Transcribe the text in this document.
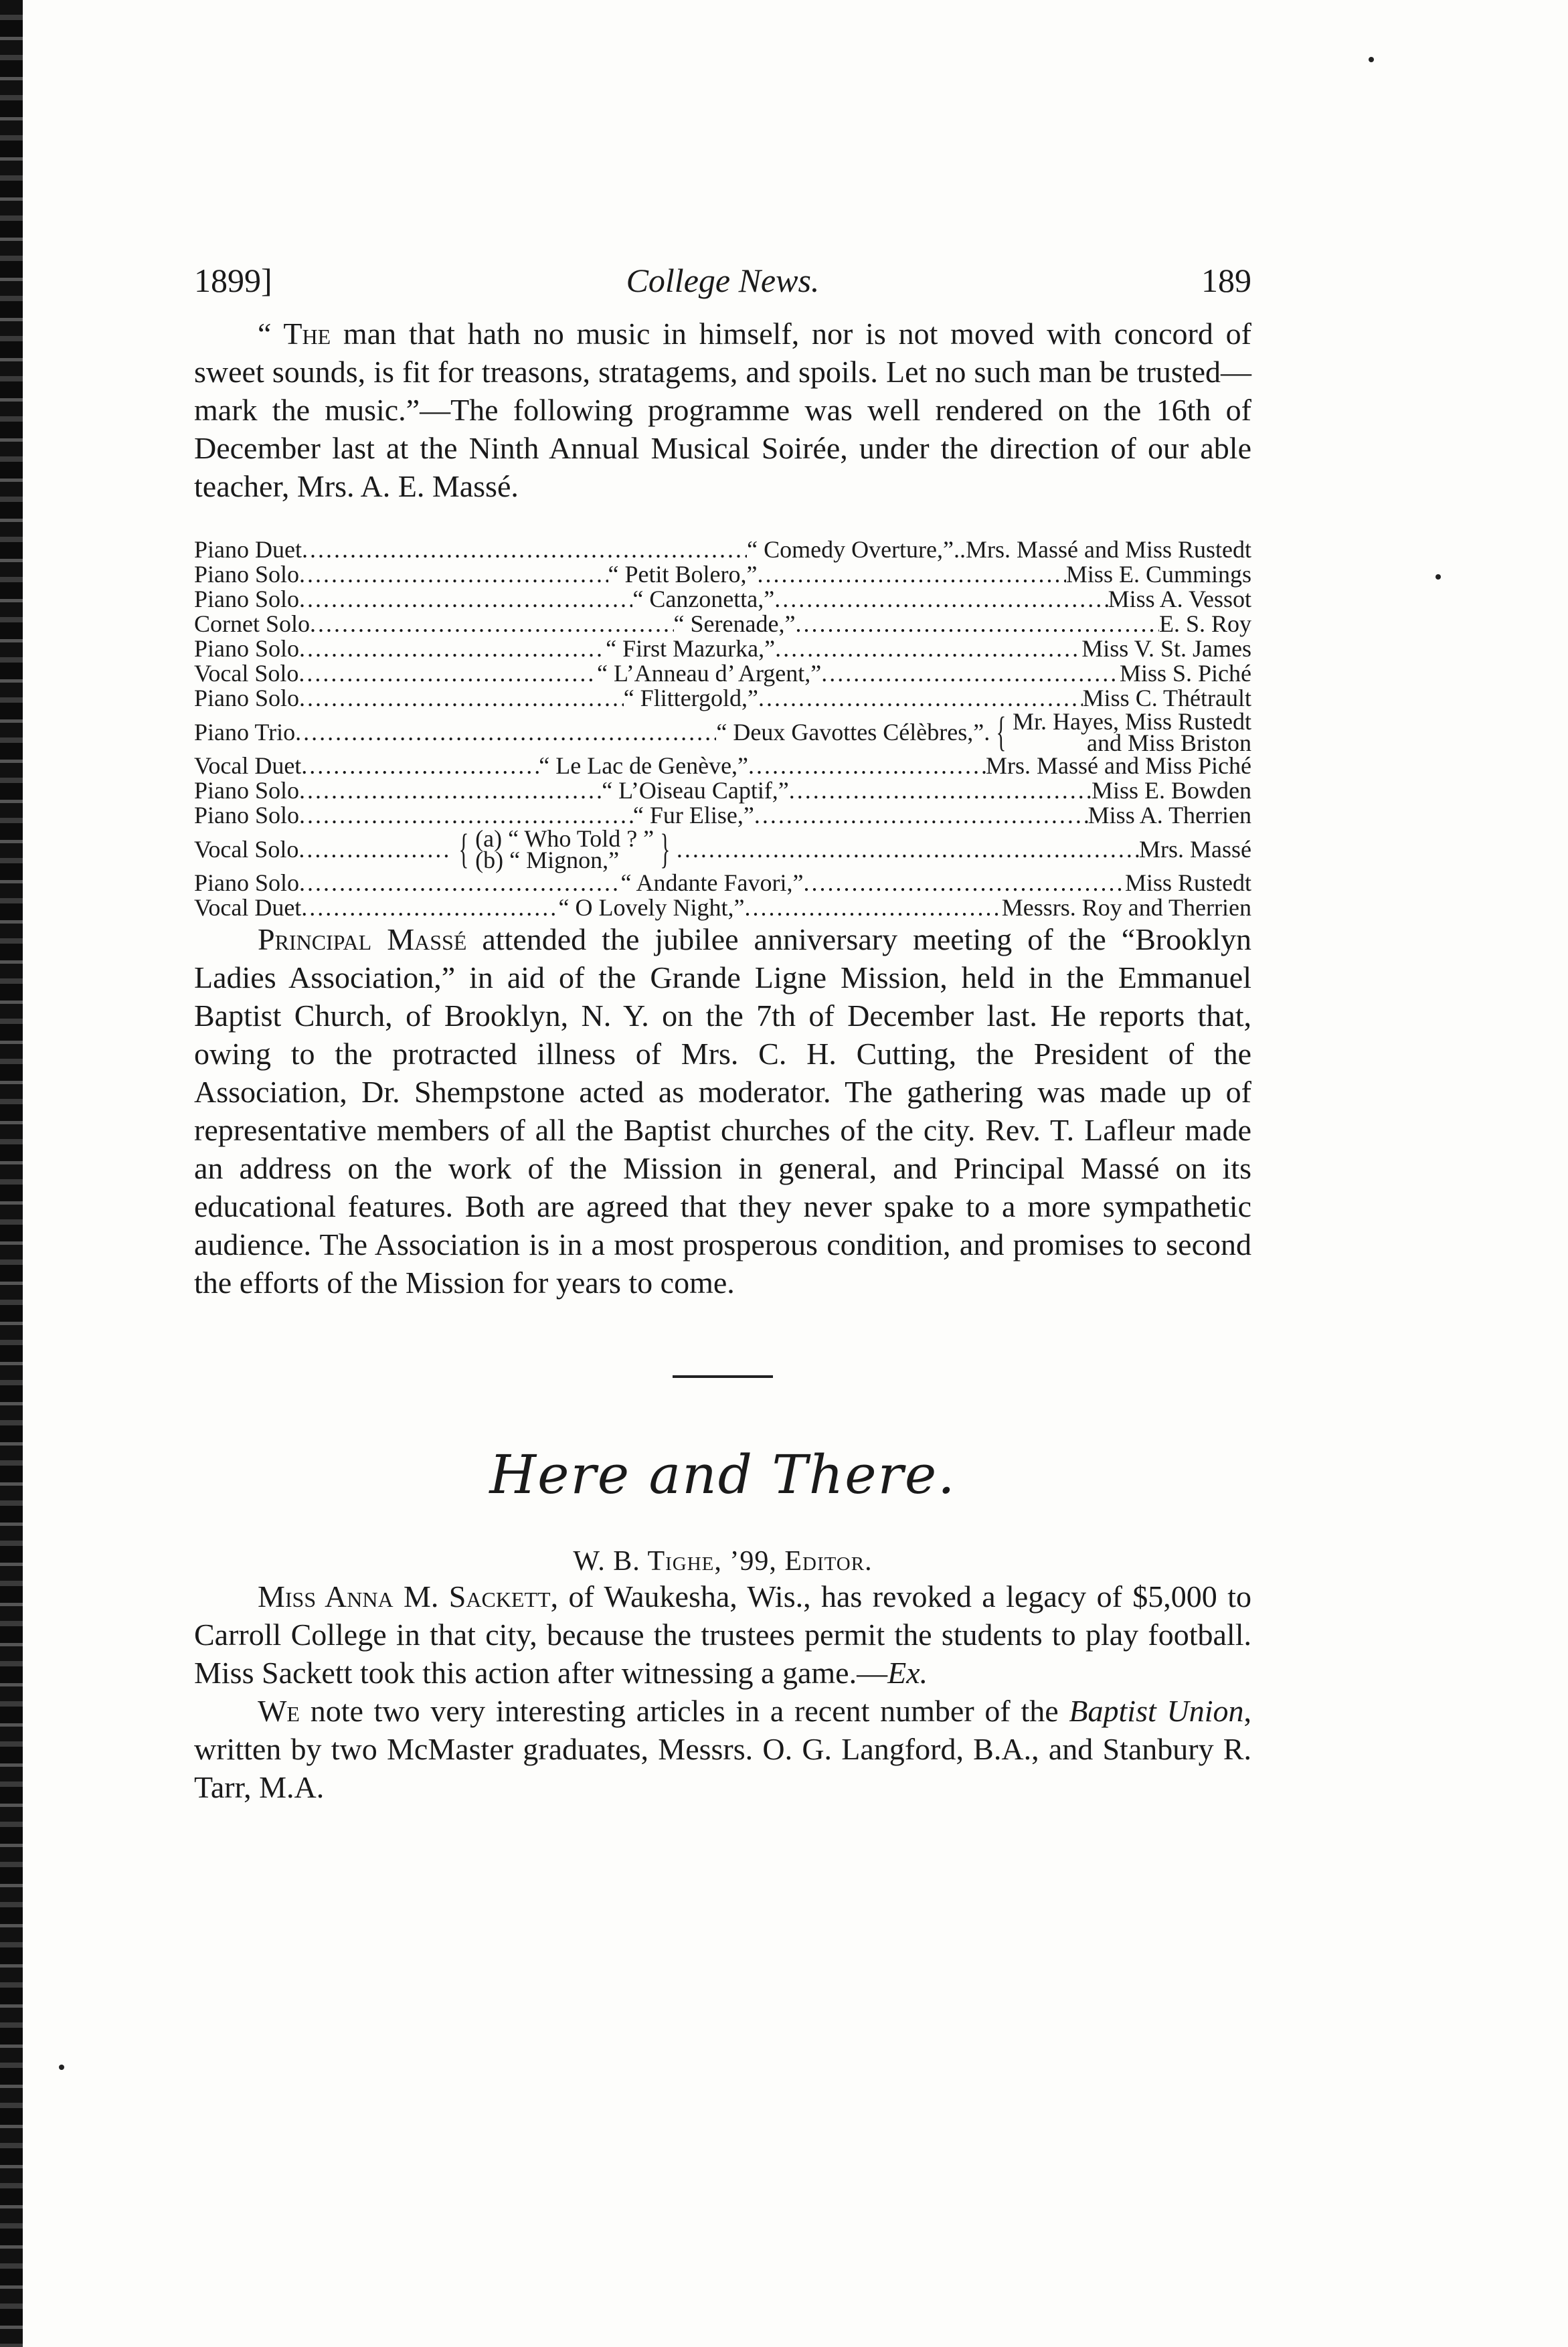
1899]	College News.	189

“ The man that hath no music in himself, nor is not moved with concord of sweet sounds, is fit for treasons, stratagems, and spoils. Let no such man be trusted—mark the music.”—The following programme was well rendered on the 16th of December last at the Ninth Annual Musical Soirée, under the direction of our able teacher, Mrs. A. E. Massé.

Piano Duet .....	“ Comedy Overture,”.. Mrs. Massé and Miss Rustedt
Piano Solo .....	“ Petit Bolero,” .....	Miss E. Cummings
Piano Solo .....	“ Canzonetta,” .....	Miss A. Vessot
Cornet Solo .....	“ Serenade,” .....	E. S. Roy
Piano Solo .....	“ First Mazurka,” .....	Miss V. St. James
Vocal Solo .....	“ L’Anneau d’ Argent,” .....	Miss S. Piché
Piano Solo .....	“ Flittergold,” .....	Miss C. Thétrault
Piano Trio .....	“ Deux Gavottes Célèbres,”. { Mr. Hayes, Miss Rustedt
and Miss Briston
Vocal Duet .....	“ Le Lac de Genève,” .....	Mrs. Massé and Miss Piché
Piano Solo .....	“ L’Oiseau Captif,” .....	Miss E. Bowden
Piano Solo .....	“ Fur Elise,” .....	Miss A. Therrien
Vocal Solo .....	{ (a) “ Who Told ? ”
(b) “ Mignon,” } .....	Mrs. Massé
Piano Solo .....	“ Andante Favori,” .....	Miss Rustedt
Vocal Duet .....	“ O Lovely Night,” .....	Messrs. Roy and Therrien

Principal Massé attended the jubilee anniversary meeting of the “Brooklyn Ladies Association,” in aid of the Grande Ligne Mission, held in the Emmanuel Baptist Church, of Brooklyn, N. Y. on the 7th of December last. He reports that, owing to the protracted illness of Mrs. C. H. Cutting, the President of the Association, Dr. Shempstone acted as moderator. The gathering was made up of representative members of all the Baptist churches of the city. Rev. T. Lafleur made an address on the work of the Mission in general, and Principal Massé on its educational features. Both are agreed that they never spake to a more sympathetic audience. The Association is in a most prosperous condition, and promises to second the efforts of the Mission for years to come.

Here and There.
W. B. Tighe, ’99, Editor.

Miss Anna M. Sackett, of Waukesha, Wis., has revoked a legacy of $5,000 to Carroll College in that city, because the trustees permit the students to play football. Miss Sackett took this action after witnessing a game.—Ex.

We note two very interesting articles in a recent number of the Baptist Union, written by two McMaster graduates, Messrs. O. G. Langford, B.A., and Stanbury R. Tarr, M.A.
